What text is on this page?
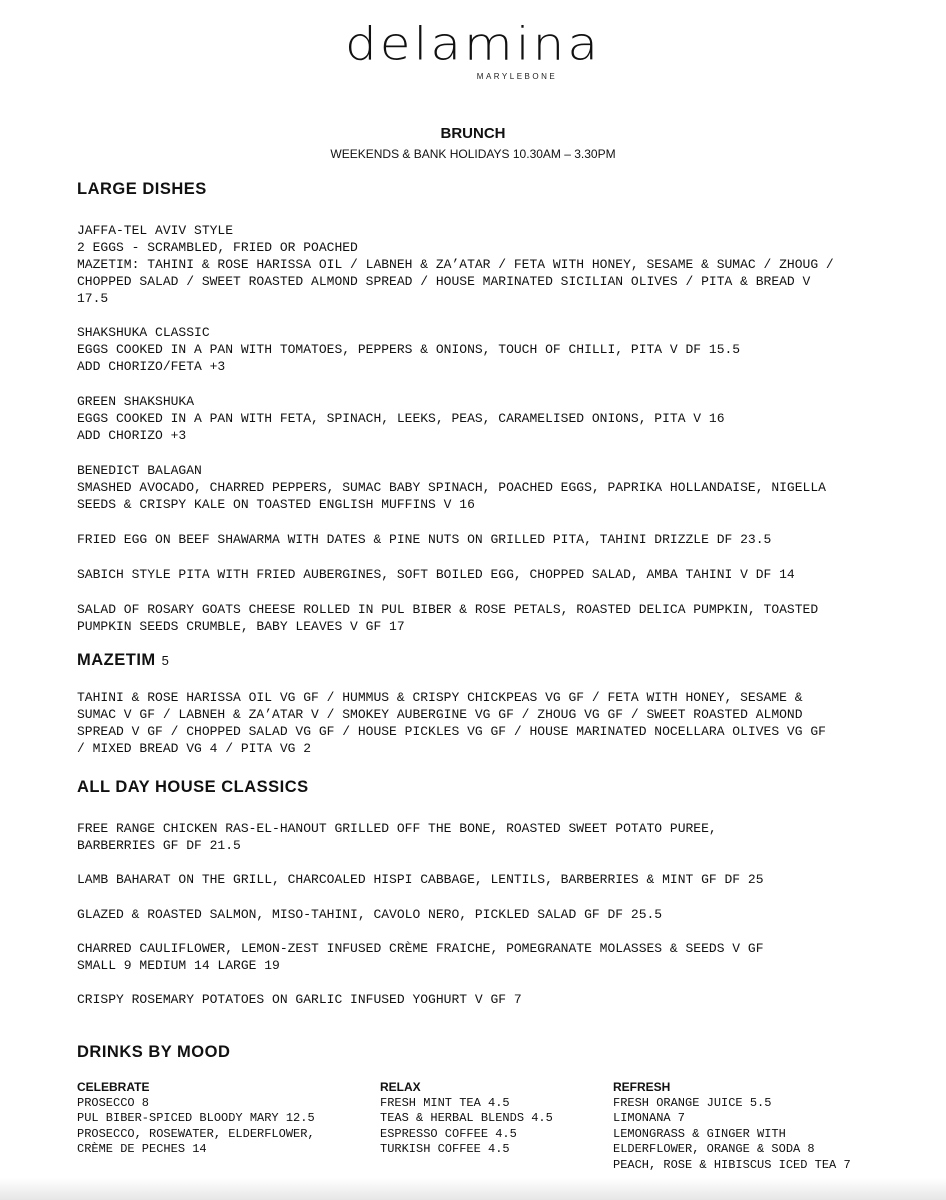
delamina
MARYLEBONE
BRUNCH
WEEKENDS & BANK HOLIDAYS 10.30AM – 3.30PM
LARGE DISHES

JAFFA-TEL AVIV STYLE

2 EGGS - SCRAMBLED, FRIED OR POACHED

MAZETIM: TAHINI & ROSE HARISSA OIL / LABNEH & ZA’ATAR / FETA WITH HONEY, SESAME & SUMAC / ZHOUG /

CHOPPED SALAD / SWEET ROASTED ALMOND SPREAD / HOUSE MARINATED SICILIAN OLIVES / PITA & BREAD V

17.5

SHAKSHUKA CLASSIC

EGGS COOKED IN A PAN WITH TOMATOES, PEPPERS & ONIONS, TOUCH OF CHILLI, PITA V DF 15.5

ADD CHORIZO/FETA +3

GREEN SHAKSHUKA

EGGS COOKED IN A PAN WITH FETA, SPINACH, LEEKS, PEAS, CARAMELISED ONIONS, PITA V 16

ADD CHORIZO +3

BENEDICT BALAGAN

SMASHED AVOCADO, CHARRED PEPPERS, SUMAC BABY SPINACH, POACHED EGGS, PAPRIKA HOLLANDAISE, NIGELLA

SEEDS & CRISPY KALE ON TOASTED ENGLISH MUFFINS V 16

FRIED EGG ON BEEF SHAWARMA WITH DATES & PINE NUTS ON GRILLED PITA, TAHINI DRIZZLE DF 23.5

SABICH STYLE PITA WITH FRIED AUBERGINES, SOFT BOILED EGG, CHOPPED SALAD, AMBA TAHINI V DF 14

SALAD OF ROSARY GOATS CHEESE ROLLED IN PUL BIBER & ROSE PETALS, ROASTED DELICA PUMPKIN, TOASTED

PUMPKIN SEEDS CRUMBLE, BABY LEAVES V GF 17

MAZETIM 5

TAHINI & ROSE HARISSA OIL VG GF / HUMMUS & CRISPY CHICKPEAS VG GF / FETA WITH HONEY, SESAME &

SUMAC V GF / LABNEH & ZA’ATAR V / SMOKEY AUBERGINE VG GF / ZHOUG VG GF / SWEET ROASTED ALMOND

SPREAD V GF / CHOPPED SALAD VG GF / HOUSE PICKLES VG GF / HOUSE MARINATED NOCELLARA OLIVES VG GF

/ MIXED BREAD VG 4 / PITA VG 2

ALL DAY HOUSE CLASSICS

FREE RANGE CHICKEN RAS-EL-HANOUT GRILLED OFF THE BONE, ROASTED SWEET POTATO PUREE,

BARBERRIES GF DF 21.5

LAMB BAHARAT ON THE GRILL, CHARCOALED HISPI CABBAGE, LENTILS, BARBERRIES & MINT GF DF 25

GLAZED & ROASTED SALMON, MISO-TAHINI, CAVOLO NERO, PICKLED SALAD GF DF 25.5

CHARRED CAULIFLOWER, LEMON-ZEST INFUSED CRÈME FRAICHE, POMEGRANATE MOLASSES & SEEDS V GF

SMALL 9 MEDIUM 14 LARGE 19

CRISPY ROSEMARY POTATOES ON GARLIC INFUSED YOGHURT V GF 7

DRINKS BY MOOD
CELEBRATE
PROSECCO 8
PUL BIBER-SPICED BLOODY MARY 12.5
PROSECCO, ROSEWATER, ELDERFLOWER,
CRÈME DE PECHES 14
RELAX
FRESH MINT TEA 4.5
TEAS & HERBAL BLENDS 4.5
ESPRESSO COFFEE 4.5
TURKISH COFFEE 4.5
REFRESH
FRESH ORANGE JUICE 5.5
LIMONANA 7
LEMONGRASS & GINGER WITH
ELDERFLOWER, ORANGE & SODA 8
PEACH, ROSE & HIBISCUS ICED TEA 7
